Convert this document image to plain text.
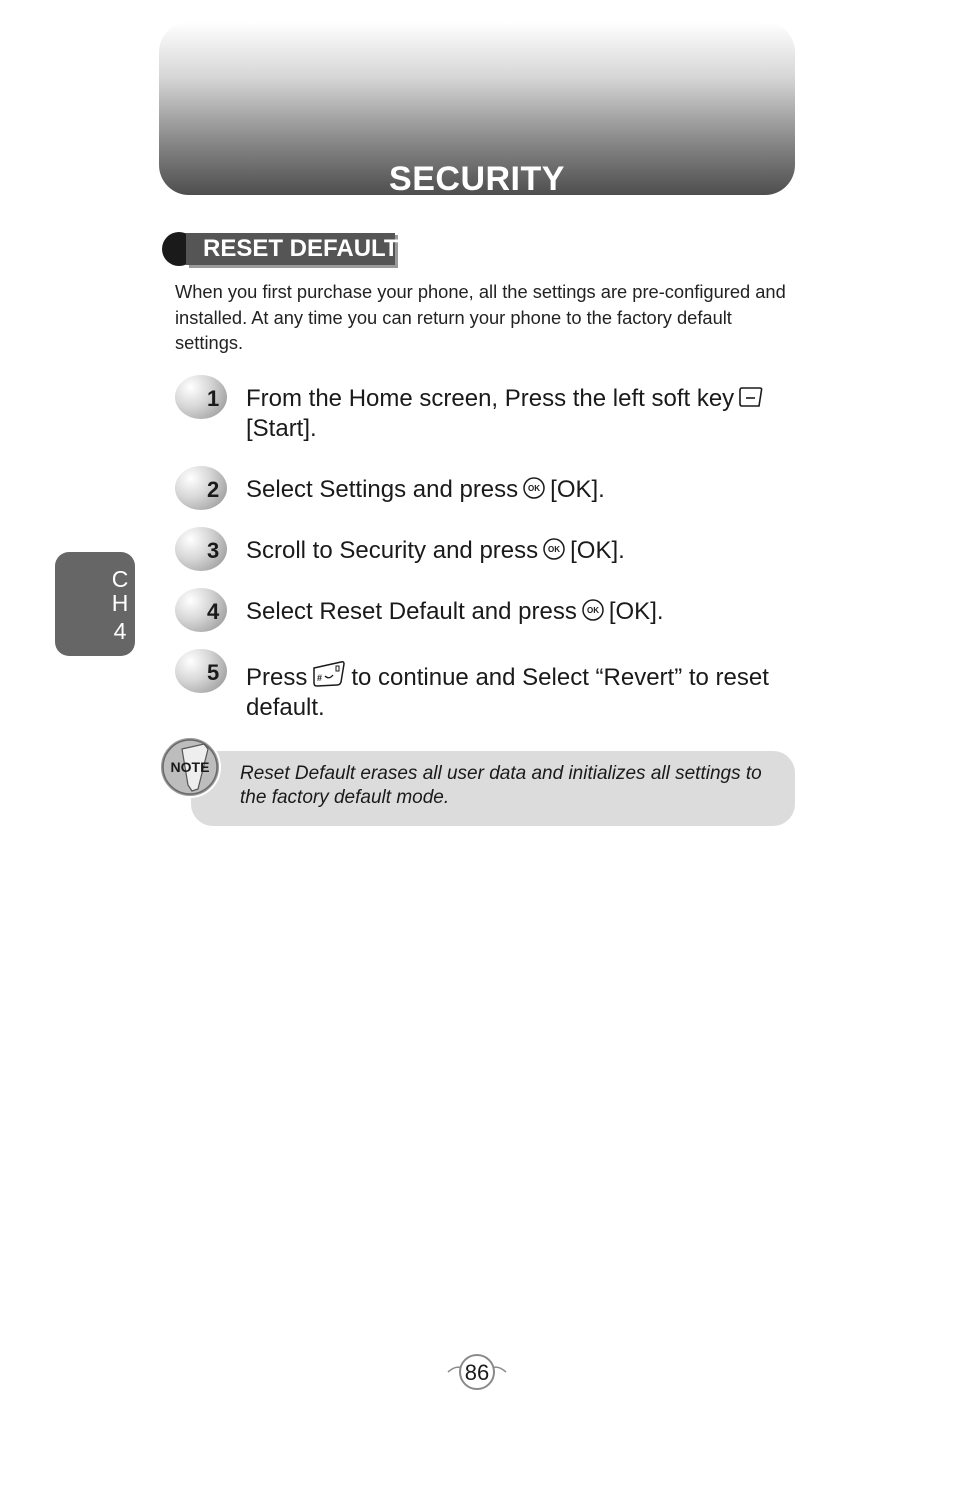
SECURITY
RESET DEFAULT
When you first purchase your phone, all the settings are pre-configured and installed. At any time you can return your phone to the factory default settings.
1 From the Home screen, Press the left soft key
[Start].
2 Select Settings and press OK [OK].
3 Scroll to Security and press OK [OK].
4 Select Reset Default and press OK [OK].
5 Press # to continue and Select “Revert” to reset default.
NOTE Reset Default erases all user data and initializes all settings to the factory default mode.
C
H
4
86
